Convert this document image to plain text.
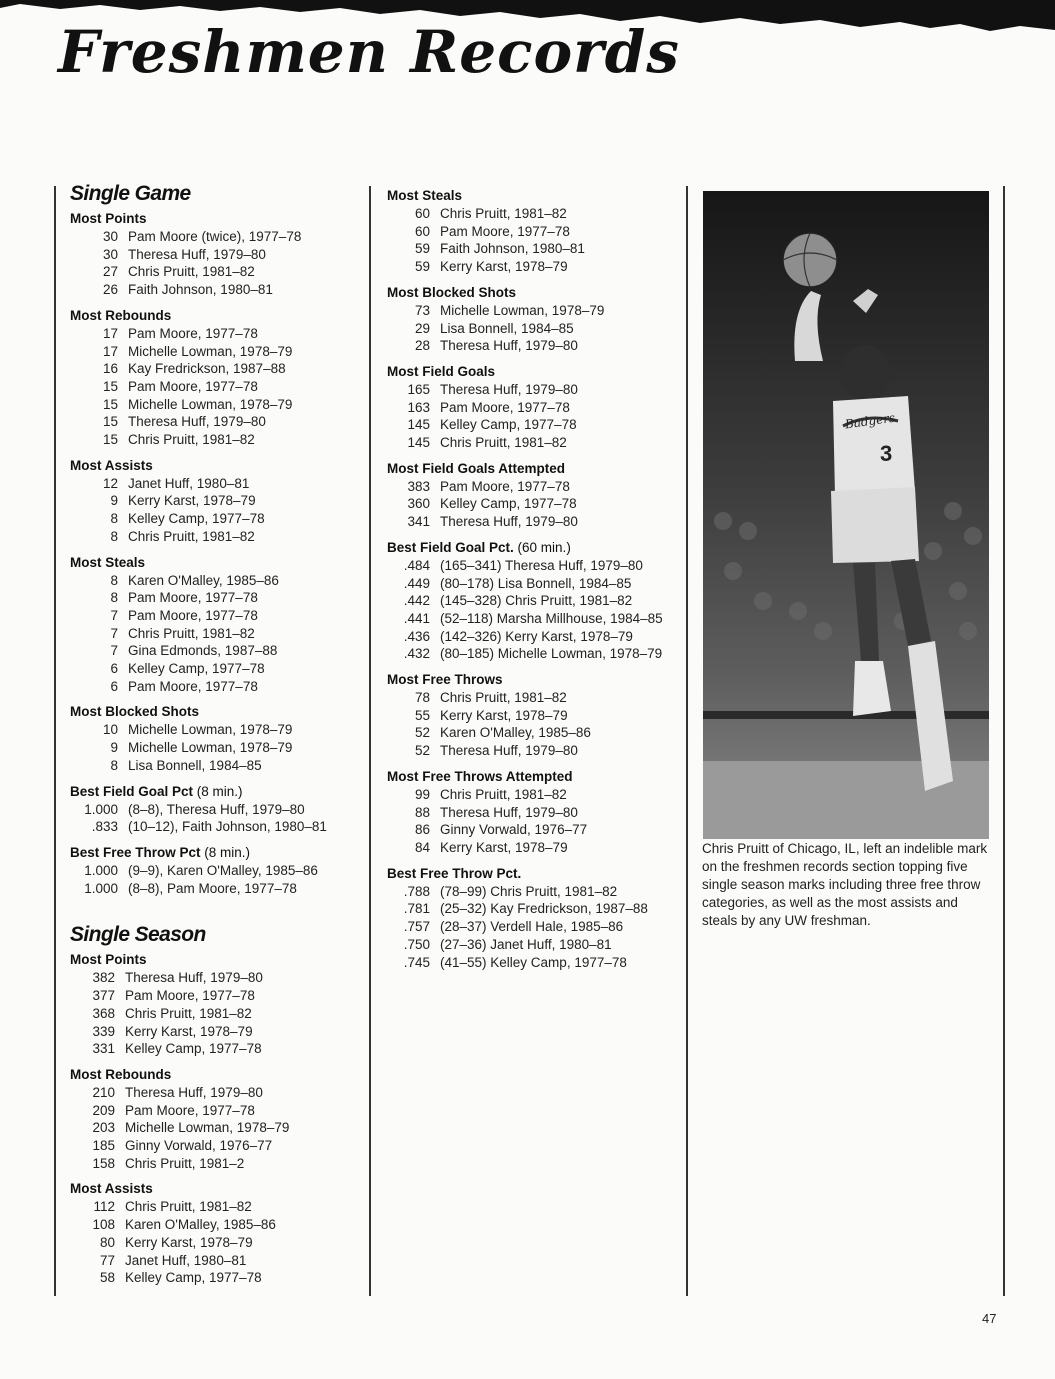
Freshmen Records
Single Game
Most Points
30 Pam Moore (twice), 1977–78
30 Theresa Huff, 1979–80
27 Chris Pruitt, 1981–82
26 Faith Johnson, 1980–81
Most Rebounds
17 Pam Moore, 1977–78
17 Michelle Lowman, 1978–79
16 Kay Fredrickson, 1987–88
15 Pam Moore, 1977–78
15 Michelle Lowman, 1978–79
15 Theresa Huff, 1979–80
15 Chris Pruitt, 1981–82
Most Assists
12 Janet Huff, 1980–81
9 Kerry Karst, 1978–79
8 Kelley Camp, 1977–78
8 Chris Pruitt, 1981–82
Most Steals
8 Karen O'Malley, 1985–86
8 Pam Moore, 1977–78
7 Pam Moore, 1977–78
7 Chris Pruitt, 1981–82
7 Gina Edmonds, 1987–88
6 Kelley Camp, 1977–78
6 Pam Moore, 1977–78
Most Blocked Shots
10 Michelle Lowman, 1978–79
9 Michelle Lowman, 1978–79
8 Lisa Bonnell, 1984–85
Best Field Goal Pct (8 min.)
1.000 (8–8), Theresa Huff, 1979–80
.833 (10–12), Faith Johnson, 1980–81
Best Free Throw Pct (8 min.)
1.000 (9–9), Karen O'Malley, 1985–86
1.000 (8–8), Pam Moore, 1977–78
Single Season
Most Points
382 Theresa Huff, 1979–80
377 Pam Moore, 1977–78
368 Chris Pruitt, 1981–82
339 Kerry Karst, 1978–79
331 Kelley Camp, 1977–78
Most Rebounds
210 Theresa Huff, 1979–80
209 Pam Moore, 1977–78
203 Michelle Lowman, 1978–79
185 Ginny Vorwald, 1976–77
158 Chris Pruitt, 1981–2
Most Assists
112 Chris Pruitt, 1981–82
108 Karen O'Malley, 1985–86
80 Kerry Karst, 1978–79
77 Janet Huff, 1980–81
58 Kelley Camp, 1977–78
Most Steals
60 Chris Pruitt, 1981–82
60 Pam Moore, 1977–78
59 Faith Johnson, 1980–81
59 Kerry Karst, 1978–79
Most Blocked Shots
73 Michelle Lowman, 1978–79
29 Lisa Bonnell, 1984–85
28 Theresa Huff, 1979–80
Most Field Goals
165 Theresa Huff, 1979–80
163 Pam Moore, 1977–78
145 Kelley Camp, 1977–78
145 Chris Pruitt, 1981–82
Most Field Goals Attempted
383 Pam Moore, 1977–78
360 Kelley Camp, 1977–78
341 Theresa Huff, 1979–80
Best Field Goal Pct. (60 min.)
.484 (165–341) Theresa Huff, 1979–80
.449 (80–178) Lisa Bonnell, 1984–85
.442 (145–328) Chris Pruitt, 1981–82
.441 (52–118) Marsha Millhouse, 1984–85
.436 (142–326) Kerry Karst, 1978–79
.432 (80–185) Michelle Lowman, 1978–79
Most Free Throws
78 Chris Pruitt, 1981–82
55 Kerry Karst, 1978–79
52 Karen O'Malley, 1985–86
52 Theresa Huff, 1979–80
Most Free Throws Attempted
99 Chris Pruitt, 1981–82
88 Theresa Huff, 1979–80
86 Ginny Vorwald, 1976–77
84 Kerry Karst, 1978–79
Best Free Throw Pct.
.788 (78–99) Chris Pruitt, 1981–82
.781 (25–32) Kay Fredrickson, 1987–88
.757 (28–37) Verdell Hale, 1985–86
.750 (27–36) Janet Huff, 1980–81
.745 (41–55) Kelley Camp, 1977–78
3
Badgers
Chris Pruitt of Chicago, IL, left an indelible mark on the freshmen records section topping five single season marks including three free throw categories, as well as the most assists and steals by any UW freshman.
47
